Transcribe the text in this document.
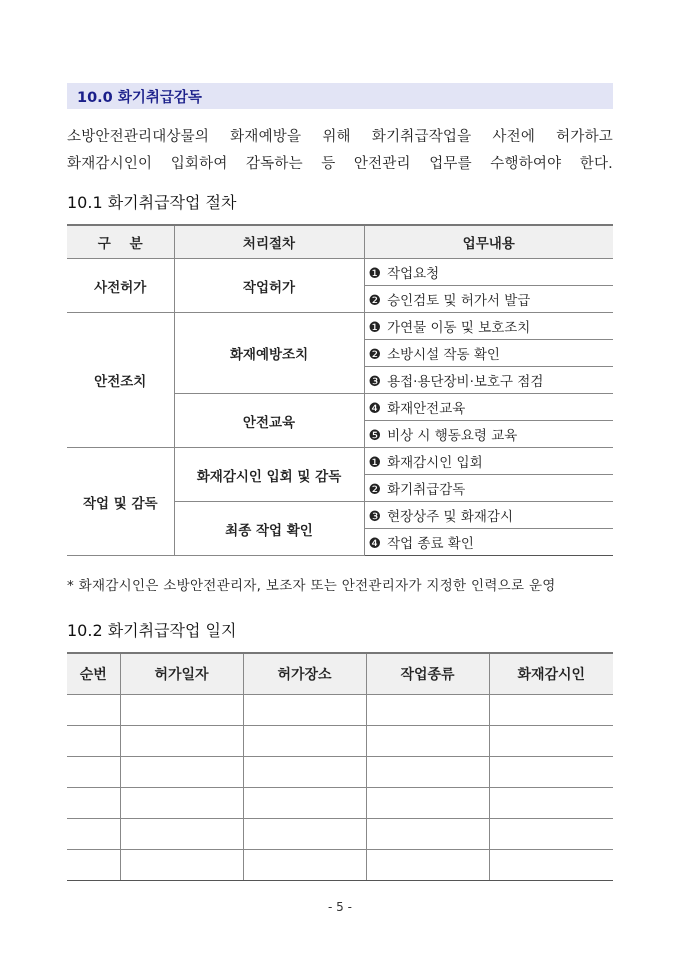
10.0 화기취급감독
소방안전관리대상물의 화재예방을 위해 화기취급작업을 사전에 허가하고
화재감시인이 입회하여 감독하는 등 안전관리 업무를 수행하여야 한다.
10.1 화기취급작업 절차
구    분	처리절차	업무내용
사전허가	작업허가	❶ 작업요청
		❷ 승인검토 및 허가서 발급
안전조치	화재예방조치	❶ 가연물 이동 및 보호조치
		❷ 소방시설 작동 확인
		❸ 용접·용단장비·보호구 점검
	안전교육	❹ 화재안전교육
		❺ 비상 시 행동요령 교육
작업 및 감독	화재감시인 입회 및 감독	❶ 화재감시인 입회
		❷ 화기취급감독
	최종 작업 확인	❸ 현장상주 및 화재감시
		❹ 작업 종료 확인
* 화재감시인은 소방안전관리자, 보조자 또는 안전관리자가 지정한 인력으로 운영
10.2 화기취급작업 일지
순번	허가일자	허가장소	작업종류	화재감시인

- 5 -
